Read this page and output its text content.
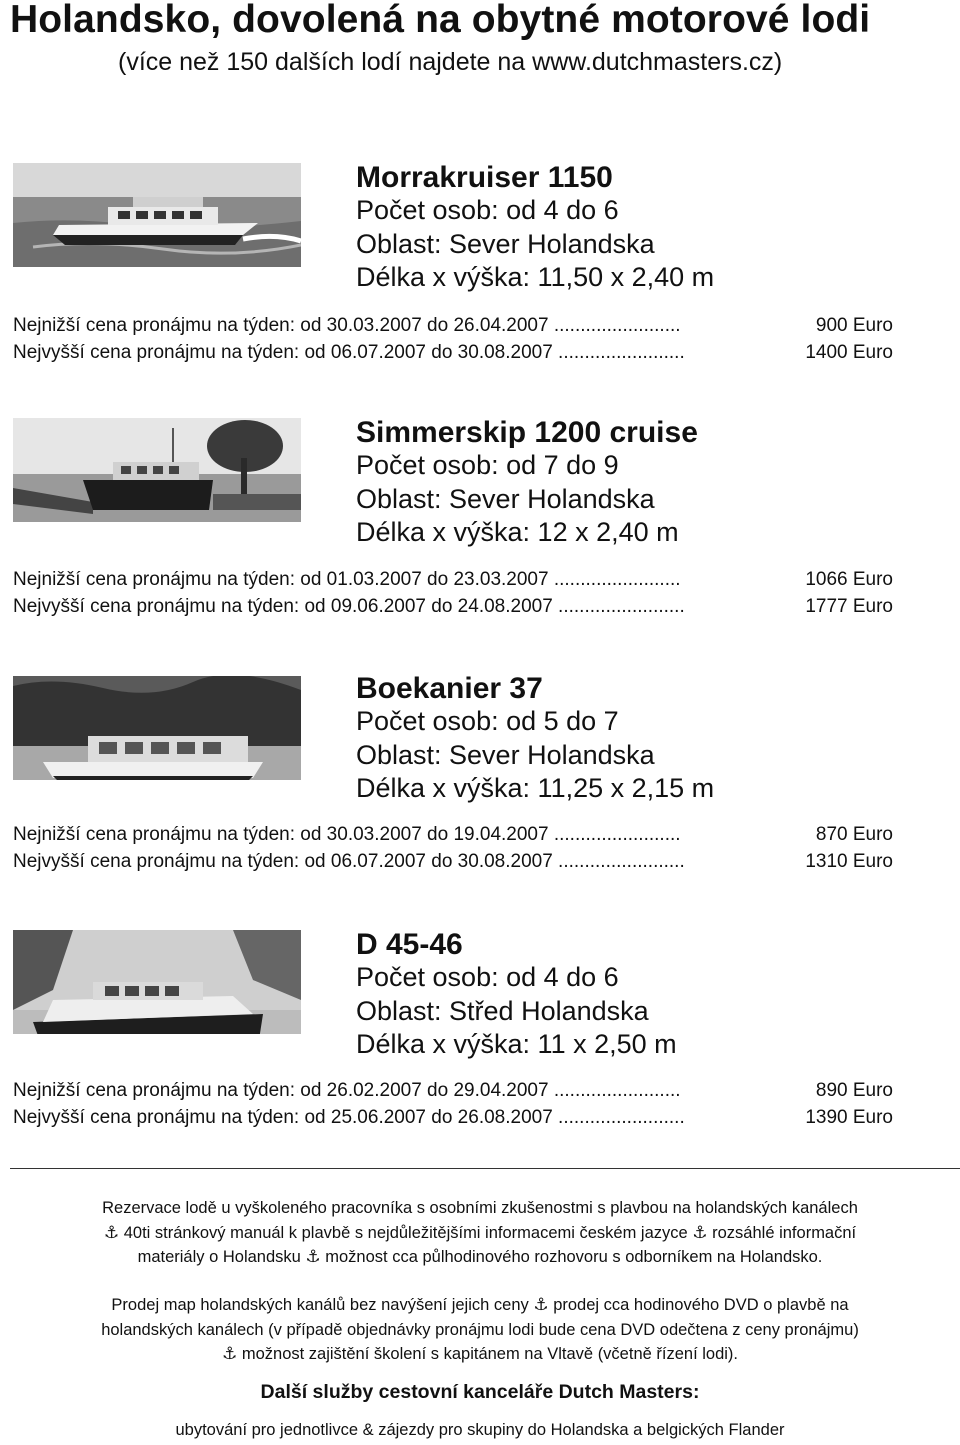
Holandsko, dovolená na obytné motorové lodi
(více než 150 dalších lodí najdete na www.dutchmasters.cz)
Morrakruiser 1150
Počet osob: od 4 do 6
Oblast: Sever Holandska
Délka x výška: 11,50 x 2,40 m
Nejnižší cena pronájmu na týden: od 30.03.2007 do 26.04.2007 ........................	900 Euro
Nejvyšší cena pronájmu na týden: od 06.07.2007 do 30.08.2007 ........................	1400 Euro
Simmerskip 1200 cruise
Počet osob: od 7 do 9
Oblast: Sever Holandska
Délka x výška: 12 x 2,40 m
Nejnižší cena pronájmu na týden: od 01.03.2007 do 23.03.2007 ........................	1066 Euro
Nejvyšší cena pronájmu na týden: od 09.06.2007 do 24.08.2007 ........................	1777 Euro
Boekanier 37
Počet osob: od 5 do 7
Oblast: Sever Holandska
Délka x výška: 11,25 x 2,15 m
Nejnižší cena pronájmu na týden: od 30.03.2007 do 19.04.2007 ........................	870 Euro
Nejvyšší cena pronájmu na týden: od 06.07.2007 do 30.08.2007 ........................	1310 Euro
D 45-46
Počet osob: od 4 do 6
Oblast: Střed Holandska
Délka x výška: 11 x 2,50 m
Nejnižší cena pronájmu na týden: od 26.02.2007 do 29.04.2007 ........................	890 Euro
Nejvyšší cena pronájmu na týden: od 25.06.2007 do 26.08.2007 ........................	1390 Euro

Rezervace lodě u vyškoleného pracovníka s osobními zkušenostmi s plavbou na holandských kanálech

⚓ 40ti stránkový manuál k plavbě s nejdůležitějšími informacemi českém jazyce ⚓ rozsáhlé informační

materiály o Holandsku ⚓ možnost cca půlhodinového rozhovoru s odborníkem na Holandsko.

Prodej map holandských kanálů bez navýšení jejich ceny ⚓ prodej cca hodinového DVD o plavbě na

holandských kanálech (v případě objednávky pronájmu lodi bude cena DVD odečtena z ceny pronájmu)

⚓ možnost zajištění školení s kapitánem na Vltavě (včetně řízení lodi).

Další služby cestovní kanceláře Dutch Masters:
ubytování pro jednotlivce & zájezdy pro skupiny do Holandska a belgických Flander
